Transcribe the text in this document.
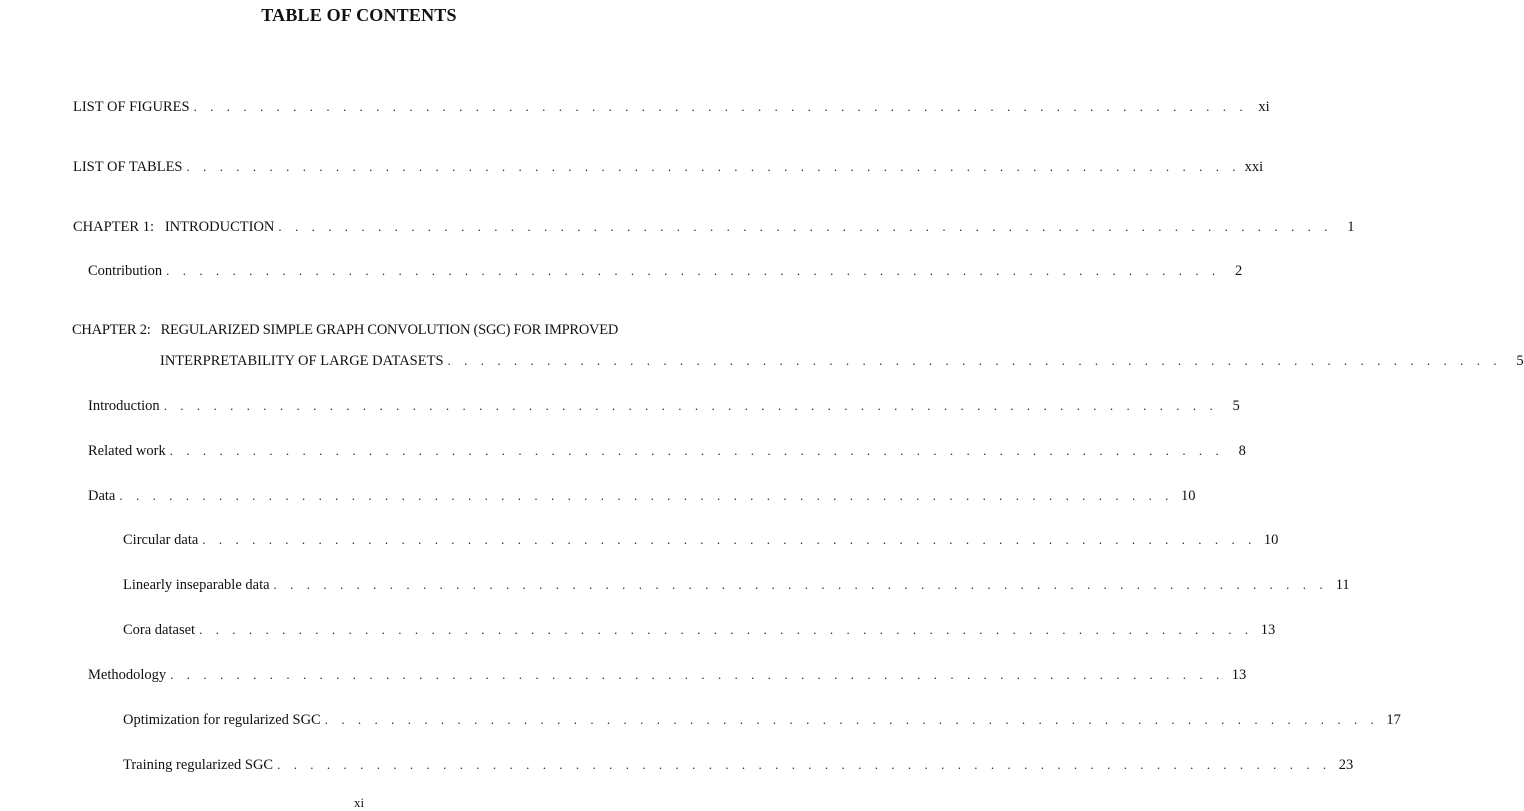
TABLE OF CONTENTS
LIST OF FIGURES . . . . . . . . . . . . . . . . . . . . . . . . . . . . . . . . . . . . . . . . . . . . . . . . . . . . . . . . . . . . . . . . xi
LIST OF TABLES . . . . . . . . . . . . . . . . . . . . . . . . . . . . . . . . . . . . . . . . . . . . . . . . . . . . . . . . . . . . . . . . xxi
CHAPTER 1:   INTRODUCTION . . . . . . . . . . . . . . . . . . . . . . . . . . . . . . . . . . . . . . . . . . . . . . . . . . . . . . . . . . . . . . . .	1
Contribution . . . . . . . . . . . . . . . . . . . . . . . . . . . . . . . . . . . . . . . . . . . . . . . . . . . . . . . . . . . . . . . .	2
CHAPTER 2:   REGULARIZED SIMPLE GRAPH CONVOLUTION (SGC) FOR IMPROVED
INTERPRETABILITY OF LARGE DATASETS . . . . . . . . . . . . . . . . . . . . . . . . . . . . . . . . . . . . . . . . . . . . . . . . . . . . . . . . . . . . . . . .	5
Introduction . . . . . . . . . . . . . . . . . . . . . . . . . . . . . . . . . . . . . . . . . . . . . . . . . . . . . . . . . . . . . . . .	5
Related work . . . . . . . . . . . . . . . . . . . . . . . . . . . . . . . . . . . . . . . . . . . . . . . . . . . . . . . . . . . . . . . .	8
Data . . . . . . . . . . . . . . . . . . . . . . . . . . . . . . . . . . . . . . . . . . . . . . . . . . . . . . . . . . . . . . . . 10
Circular data . . . . . . . . . . . . . . . . . . . . . . . . . . . . . . . . . . . . . . . . . . . . . . . . . . . . . . . . . . . . . . . . 10
Linearly inseparable data . . . . . . . . . . . . . . . . . . . . . . . . . . . . . . . . . . . . . . . . . . . . . . . . . . . . . . . . . . . . . . . . 11
Cora dataset . . . . . . . . . . . . . . . . . . . . . . . . . . . . . . . . . . . . . . . . . . . . . . . . . . . . . . . . . . . . . . . . 13
Methodology . . . . . . . . . . . . . . . . . . . . . . . . . . . . . . . . . . . . . . . . . . . . . . . . . . . . . . . . . . . . . . . . 13
Optimization for regularized SGC . . . . . . . . . . . . . . . . . . . . . . . . . . . . . . . . . . . . . . . . . . . . . . . . . . . . . . . . . . . . . . . . 17
Training regularized SGC . . . . . . . . . . . . . . . . . . . . . . . . . . . . . . . . . . . . . . . . . . . . . . . . . . . . . . . . . . . . . . . . 23
xi
